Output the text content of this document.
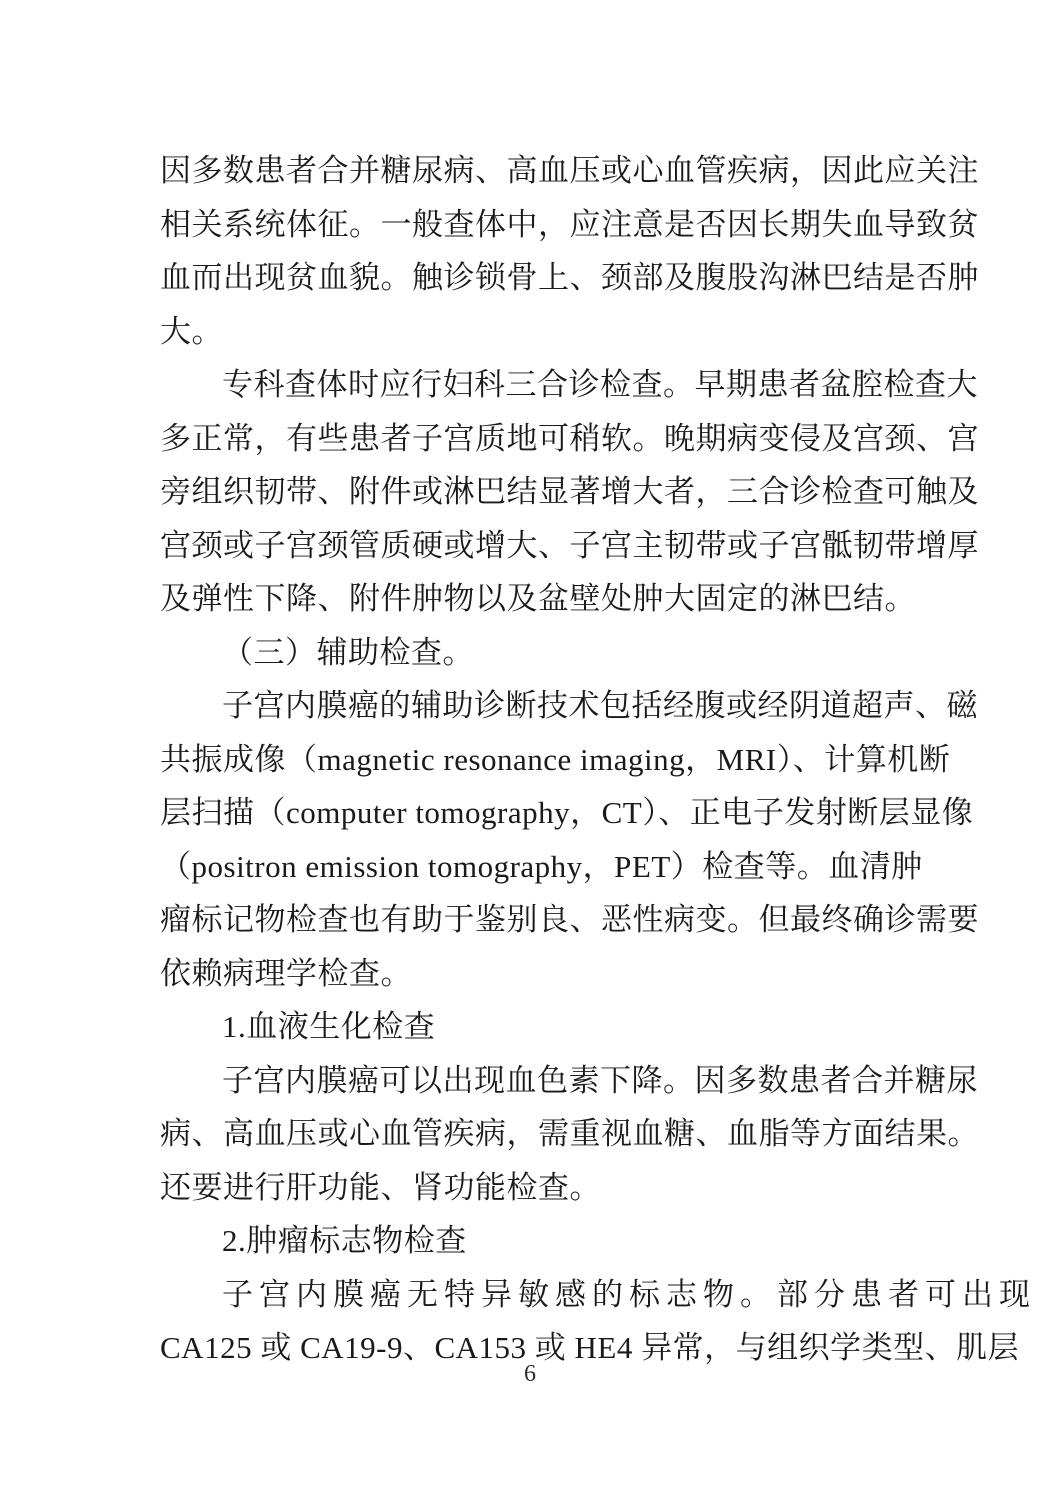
因多数患者合并糖尿病、高血压或心血管疾病，因此应关注
相关系统体征。一般查体中，应注意是否因长期失血导致贫
血而出现贫血貌。触诊锁骨上、颈部及腹股沟淋巴结是否肿
大。
专科查体时应行妇科三合诊检查。早期患者盆腔检查大
多正常，有些患者子宫质地可稍软。晚期病变侵及宫颈、宫
旁组织韧带、附件或淋巴结显著增大者，三合诊检查可触及
宫颈或子宫颈管质硬或增大、子宫主韧带或子宫骶韧带增厚
及弹性下降、附件肿物以及盆壁处肿大固定的淋巴结。
（三）辅助检查。
子宫内膜癌的辅助诊断技术包括经腹或经阴道超声、磁
共振成像（magnetic resonance imaging，MRI）、计算机断
层扫描（computer tomography，CT）、正电子发射断层显像
（positron emission tomography，PET）检查等。血清肿
瘤标记物检查也有助于鉴别良、恶性病变。但最终确诊需要
依赖病理学检查。
1.血液生化检查
子宫内膜癌可以出现血色素下降。因多数患者合并糖尿
病、高血压或心血管疾病，需重视血糖、血脂等方面结果。
还要进行肝功能、肾功能检查。
2.肿瘤标志物检查
子宫内膜癌无特异敏感的标志物。部分患者可出现
CA125 或 CA19-9、CA153 或 HE4 异常，与组织学类型、肌层
6
